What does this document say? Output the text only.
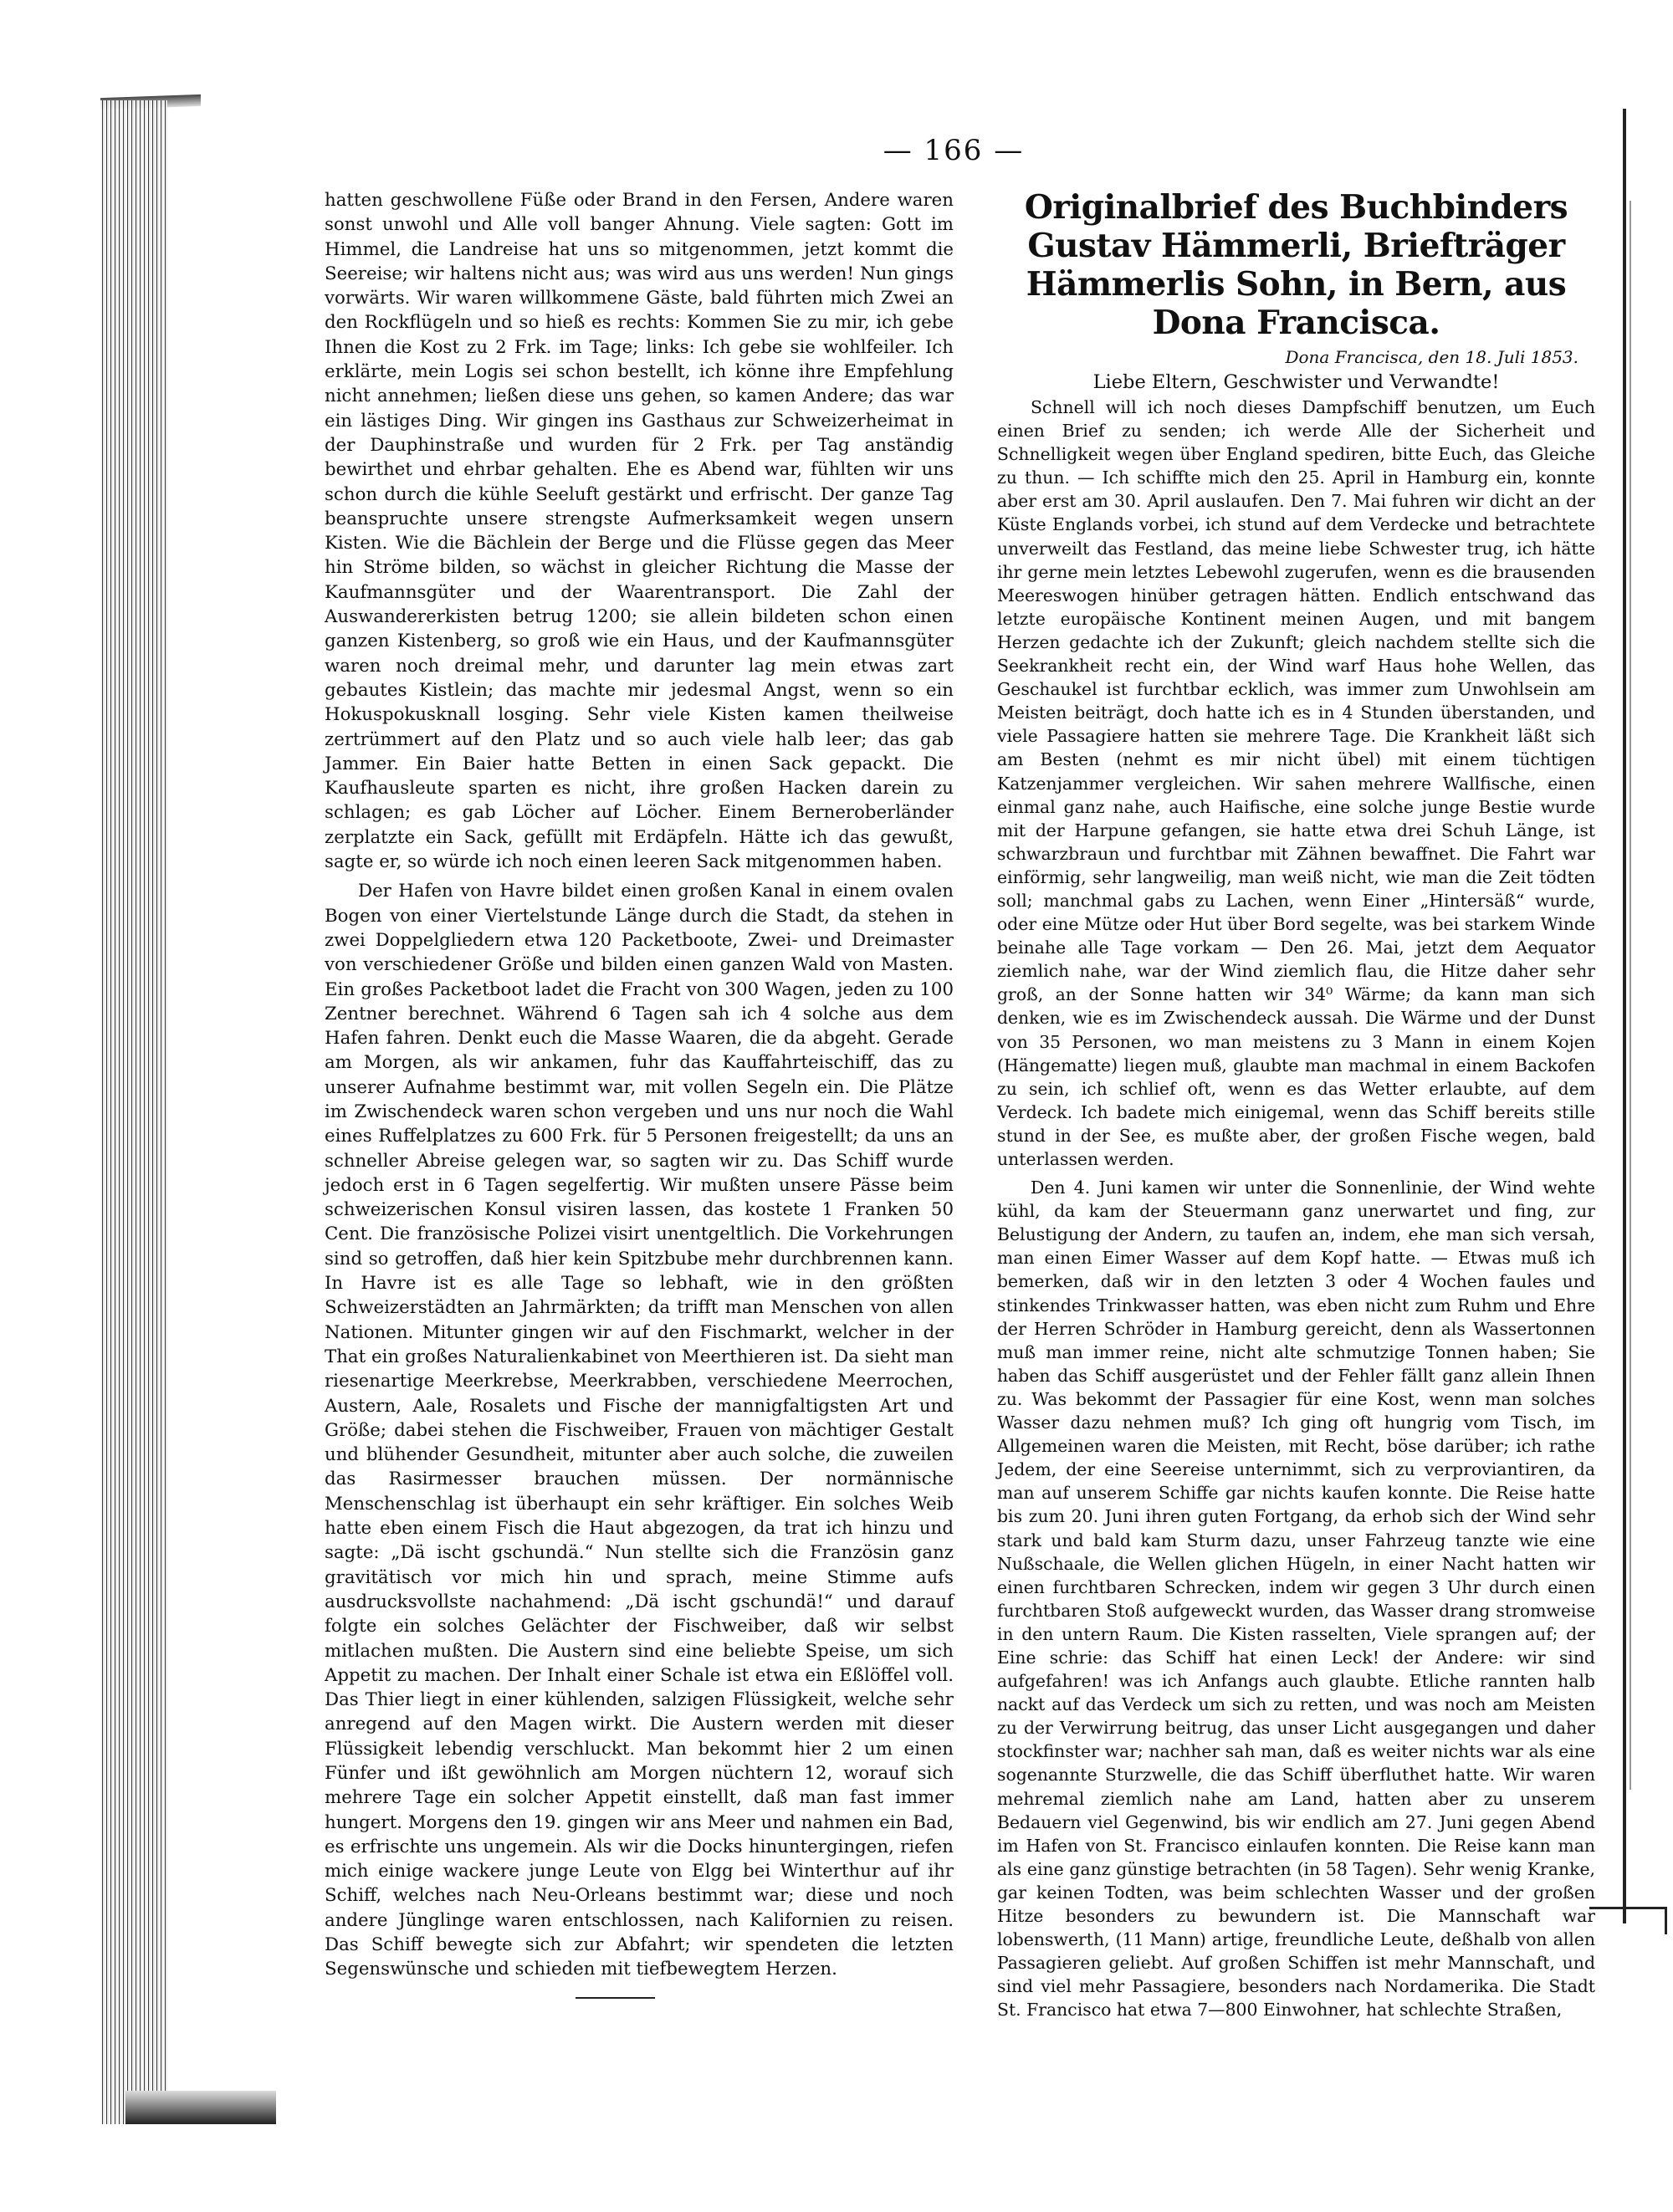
— 166 —

hatten geschwollene Füße oder Brand in den Fersen, Andere waren sonst unwohl und Alle voll banger Ahnung. Viele sagten: Gott im Himmel, die Landreise hat uns so mitgenommen, jetzt kommt die Seereise; wir haltens nicht aus; was wird aus uns werden! Nun gings vorwärts. Wir waren willkommene Gäste, bald führten mich Zwei an den Rockflügeln und so hieß es rechts: Kommen Sie zu mir, ich gebe Ihnen die Kost zu 2 Frk. im Tage; links: Ich gebe sie wohlfeiler. Ich erklärte, mein Logis sei schon bestellt, ich könne ihre Empfehlung nicht annehmen; ließen diese uns gehen, so kamen Andere; das war ein lästiges Ding. Wir gingen ins Gasthaus zur Schweizerheimat in der Dauphinstraße und wurden für 2 Frk. per Tag anständig bewirthet und ehrbar gehalten. Ehe es Abend war, fühlten wir uns schon durch die kühle Seeluft gestärkt und erfrischt. Der ganze Tag beanspruchte unsere strengste Aufmerksamkeit wegen unsern Kisten. Wie die Bächlein der Berge und die Flüsse gegen das Meer hin Ströme bilden, so wächst in gleicher Richtung die Masse der Kaufmannsgüter und der Waarentransport. Die Zahl der Auswandererkisten betrug 1200; sie allein bildeten schon einen ganzen Kistenberg, so groß wie ein Haus, und der Kaufmannsgüter waren noch dreimal mehr, und darunter lag mein etwas zart gebautes Kistlein; das machte mir jedesmal Angst, wenn so ein Hokuspokusknall losging. Sehr viele Kisten kamen theilweise zertrümmert auf den Platz und so auch viele halb leer; das gab Jammer. Ein Baier hatte Betten in einen Sack gepackt. Die Kaufhausleute sparten es nicht, ihre großen Hacken darein zu schlagen; es gab Löcher auf Löcher. Einem Berneroberländer zerplatzte ein Sack, gefüllt mit Erdäpfeln. Hätte ich das gewußt, sagte er, so würde ich noch einen leeren Sack mitgenommen haben.

Der Hafen von Havre bildet einen großen Kanal in einem ovalen Bogen von einer Viertelstunde Länge durch die Stadt, da stehen in zwei Doppelgliedern etwa 120 Packetboote, Zwei- und Dreimaster von verschiedener Größe und bilden einen ganzen Wald von Masten. Ein großes Packetboot ladet die Fracht von 300 Wagen, jeden zu 100 Zentner berechnet. Während 6 Tagen sah ich 4 solche aus dem Hafen fahren. Denkt euch die Masse Waaren, die da abgeht. Gerade am Morgen, als wir ankamen, fuhr das Kauffahrteischiff, das zu unserer Aufnahme bestimmt war, mit vollen Segeln ein. Die Plätze im Zwischendeck waren schon vergeben und uns nur noch die Wahl eines Ruffelplatzes zu 600 Frk. für 5 Personen freigestellt; da uns an schneller Abreise gelegen war, so sagten wir zu. Das Schiff wurde jedoch erst in 6 Tagen segelfertig. Wir mußten unsere Pässe beim schweizerischen Konsul visiren lassen, das kostete 1 Franken 50 Cent. Die französische Polizei visirt unentgeltlich. Die Vorkehrungen sind so getroffen, daß hier kein Spitzbube mehr durchbrennen kann. In Havre ist es alle Tage so lebhaft, wie in den größten Schweizerstädten an Jahrmärkten; da trifft man Menschen von allen Nationen. Mitunter gingen wir auf den Fischmarkt, welcher in der That ein großes Naturalienkabinet von Meerthieren ist. Da sieht man riesenartige Meerkrebse, Meerkrabben, verschiedene Meerrochen, Austern, Aale, Rosalets und Fische der mannigfaltigsten Art und Größe; dabei stehen die Fischweiber, Frauen von mächtiger Gestalt und blühender Gesundheit, mitunter aber auch solche, die zuweilen das Rasirmesser brauchen müssen. Der normännische Menschenschlag ist überhaupt ein sehr kräftiger. Ein solches Weib hatte eben einem Fisch die Haut abgezogen, da trat ich hinzu und sagte: „Dä ischt gschundä.“ Nun stellte sich die Französin ganz gravitätisch vor mich hin und sprach, meine Stimme aufs ausdrucksvollste nachahmend: „Dä ischt gschundä!“ und darauf folgte ein solches Gelächter der Fischweiber, daß wir selbst mitlachen mußten. Die Austern sind eine beliebte Speise, um sich Appetit zu machen. Der Inhalt einer Schale ist etwa ein Eßlöffel voll. Das Thier liegt in einer kühlenden, salzigen Flüssigkeit, welche sehr anregend auf den Magen wirkt. Die Austern werden mit dieser Flüssigkeit lebendig verschluckt. Man bekommt hier 2 um einen Fünfer und ißt gewöhnlich am Morgen nüchtern 12, worauf sich mehrere Tage ein solcher Appetit einstellt, daß man fast immer hungert. Morgens den 19. gingen wir ans Meer und nahmen ein Bad, es erfrischte uns ungemein. Als wir die Docks hinuntergingen, riefen mich einige wackere junge Leute von Elgg bei Winterthur auf ihr Schiff, welches nach Neu-Orleans bestimmt war; diese und noch andere Jünglinge waren entschlossen, nach Kalifornien zu reisen. Das Schiff bewegte sich zur Abfahrt; wir spendeten die letzten Segenswünsche und schieden mit tiefbewegtem Herzen.

Originalbrief des Buchbinders Gustav Hämmerli, Briefträger Hämmerlis Sohn, in Bern, aus Dona Francisca.
Dona Francisca, den 18. Juli 1853.
Liebe Eltern, Geschwister und Verwandte!

Schnell will ich noch dieses Dampfschiff benutzen, um Euch einen Brief zu senden; ich werde Alle der Sicherheit und Schnelligkeit wegen über England spediren, bitte Euch, das Gleiche zu thun. — Ich schiffte mich den 25. April in Hamburg ein, konnte aber erst am 30. April auslaufen. Den 7. Mai fuhren wir dicht an der Küste Englands vorbei, ich stund auf dem Verdecke und betrachtete unverweilt das Festland, das meine liebe Schwester trug, ich hätte ihr gerne mein letztes Lebewohl zugerufen, wenn es die brausenden Meereswogen hinüber getragen hätten. Endlich entschwand das letzte europäische Kontinent meinen Augen, und mit bangem Herzen gedachte ich der Zukunft; gleich nachdem stellte sich die Seekrankheit recht ein, der Wind warf Haus hohe Wellen, das Geschaukel ist furchtbar ecklich, was immer zum Unwohlsein am Meisten beiträgt, doch hatte ich es in 4 Stunden überstanden, und viele Passagiere hatten sie mehrere Tage. Die Krankheit läßt sich am Besten (nehmt es mir nicht übel) mit einem tüchtigen Katzenjammer vergleichen. Wir sahen mehrere Wallfische, einen einmal ganz nahe, auch Haifische, eine solche junge Bestie wurde mit der Harpune gefangen, sie hatte etwa drei Schuh Länge, ist schwarzbraun und furchtbar mit Zähnen bewaffnet. Die Fahrt war einförmig, sehr langweilig, man weiß nicht, wie man die Zeit tödten soll; manchmal gabs zu Lachen, wenn Einer „Hintersäß“ wurde, oder eine Mütze oder Hut über Bord segelte, was bei starkem Winde beinahe alle Tage vorkam — Den 26. Mai, jetzt dem Aequator ziemlich nahe, war der Wind ziemlich flau, die Hitze daher sehr groß, an der Sonne hatten wir 34⁰ Wärme; da kann man sich denken, wie es im Zwischendeck aussah. Die Wärme und der Dunst von 35 Personen, wo man meistens zu 3 Mann in einem Kojen (Hängematte) liegen muß, glaubte man machmal in einem Backofen zu sein, ich schlief oft, wenn es das Wetter erlaubte, auf dem Verdeck. Ich badete mich einigemal, wenn das Schiff bereits stille stund in der See, es mußte aber, der großen Fische wegen, bald unterlassen werden.

Den 4. Juni kamen wir unter die Sonnenlinie, der Wind wehte kühl, da kam der Steuermann ganz unerwartet und fing, zur Belustigung der Andern, zu taufen an, indem, ehe man sich versah, man einen Eimer Wasser auf dem Kopf hatte. — Etwas muß ich bemerken, daß wir in den letzten 3 oder 4 Wochen faules und stinkendes Trinkwasser hatten, was eben nicht zum Ruhm und Ehre der Herren Schröder in Hamburg gereicht, denn als Wassertonnen muß man immer reine, nicht alte schmutzige Tonnen haben; Sie haben das Schiff ausgerüstet und der Fehler fällt ganz allein Ihnen zu. Was bekommt der Passagier für eine Kost, wenn man solches Wasser dazu nehmen muß? Ich ging oft hungrig vom Tisch, im Allgemeinen waren die Meisten, mit Recht, böse darüber; ich rathe Jedem, der eine Seereise unternimmt, sich zu verproviantiren, da man auf unserem Schiffe gar nichts kaufen konnte. Die Reise hatte bis zum 20. Juni ihren guten Fortgang, da erhob sich der Wind sehr stark und bald kam Sturm dazu, unser Fahrzeug tanzte wie eine Nußschaale, die Wellen glichen Hügeln, in einer Nacht hatten wir einen furchtbaren Schrecken, indem wir gegen 3 Uhr durch einen furchtbaren Stoß aufgeweckt wurden, das Wasser drang stromweise in den untern Raum. Die Kisten rasselten, Viele sprangen auf; der Eine schrie: das Schiff hat einen Leck! der Andere: wir sind aufgefahren! was ich Anfangs auch glaubte. Etliche rannten halb nackt auf das Verdeck um sich zu retten, und was noch am Meisten zu der Verwirrung beitrug, das unser Licht ausgegangen und daher stockfinster war; nachher sah man, daß es weiter nichts war als eine sogenannte Sturzwelle, die das Schiff überfluthet hatte. Wir waren mehremal ziemlich nahe am Land, hatten aber zu unserem Bedauern viel Gegenwind, bis wir endlich am 27. Juni gegen Abend im Hafen von St. Francisco einlaufen konnten. Die Reise kann man als eine ganz günstige betrachten (in 58 Tagen). Sehr wenig Kranke, gar keinen Todten, was beim schlechten Wasser und der großen Hitze besonders zu bewundern ist. Die Mannschaft war lobenswerth, (11 Mann) artige, freundliche Leute, deßhalb von allen Passagieren geliebt. Auf großen Schiffen ist mehr Mannschaft, und sind viel mehr Passagiere, besonders nach Nordamerika. Die Stadt St. Francisco hat etwa 7—800 Einwohner, hat schlechte Straßen,
